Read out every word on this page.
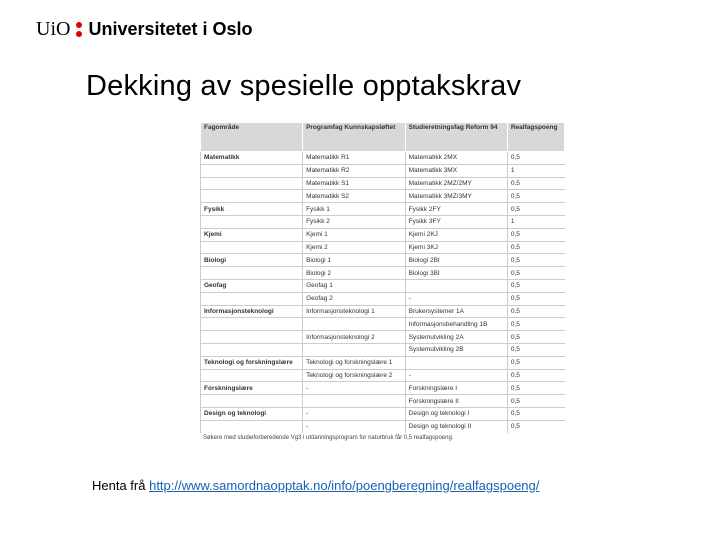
UiO Universitetet i Oslo
Dekking av spesielle opptakskrav
Fagområde	Programfag Kunnskapsløftet	Studieretningsfag Reform 94	Realfagspoeng
Matematikk	Matematikk R1	Matematikk 2MX	0,5
	Matematikk R2	Matematikk 3MX	1
	Matematikk S1	Matematikk 2MZ/2MY	0,5
	Matematikk S2	Matematikk 3MZ/3MY	0,5
Fysikk	Fysikk 1	Fysikk 2FY	0,5
	Fysikk 2	Fysikk 3FY	1
Kjemi	Kjemi 1	Kjemi 2KJ	0,5
	Kjemi 2	Kjemi 3KJ	0,5
Biologi	Biologi 1	Biologi 2BI	0,5
	Biologi 2	Biologi 3BI	0,5
Geofag	Geofag 1		0,5
	Geofag 2	-	0,5
Informasjonsteknologi	Informasjonsteknologi 1	Brukersystemer 1A	0,5
		Informasjonsbehandling 1B	0,5
	Informasjonsteknologi 2	Systemutvikling 2A	0,5
		Systemutvikling 2B	0,5
Teknologi og forskningslære	Teknologi og forskningslære 1		0,5
	Teknologi og forskningslære 2	-	0,5
Forskningslære	-	Forskningslære I	0,5
		Forskningslære II	0,5
Design og teknologi	-	Design og teknologi I	0,5
	-	Design og teknologi II	0,5
Søkere med studieforberedende Vg3 i utdanningsprogram for naturbruk får 0,5 realfagspoeng.
Henta frå http://www.samordnaopptak.no/info/poengberegning/realfagspoeng/
